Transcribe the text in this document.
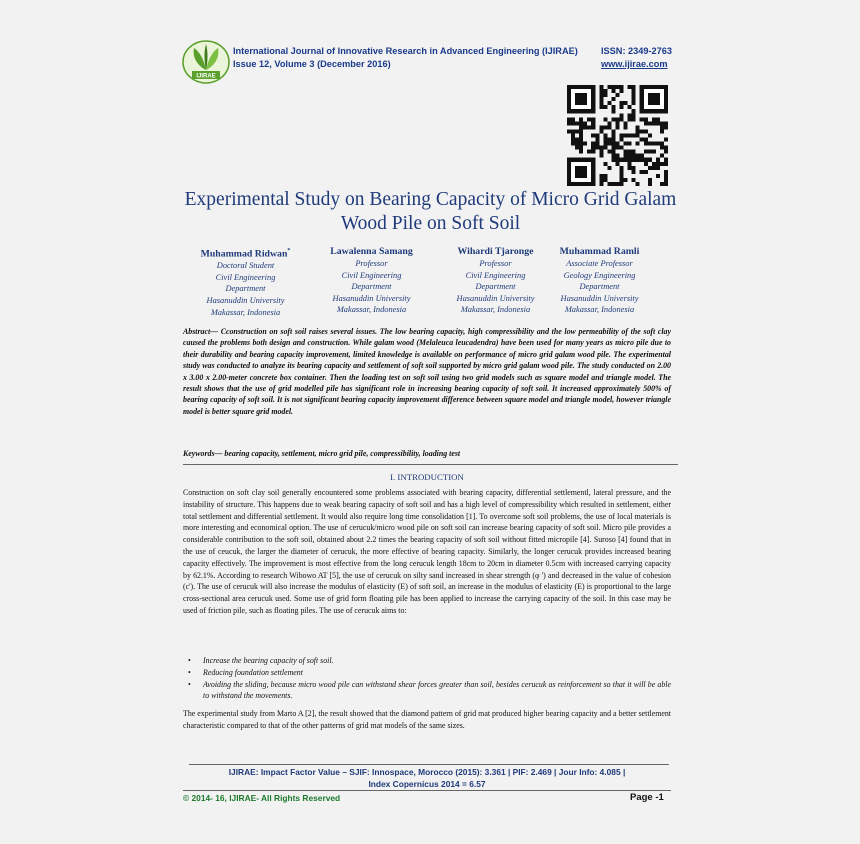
IJIRAE
International Journal of Innovative Research in Advanced Engineering (IJIRAE)	ISSN: 2349-2763
Issue 12, Volume 3 (December 2016)	www.ijirae.com
Experimental Study on Bearing Capacity of Micro Grid Galam Wood Pile on Soft Soil
Muhammad Ridwan*
Doctoral Student
Civil Engineering
Department
Hasanuddin University
Makassar, Indonesia
Lawalenna Samang
Professor
Civil Engineering
Department
Hasanuddin University
Makassar, Indonesia
Wihardi Tjaronge
Professor
Civil Engineering
Department
Hasanuddin University
Makassar, Indonesia
Muhammad Ramli
Associate Professor
Geology Engineering
Department
Hasanuddin University
Makassar, Indonesia
Abstract— Cconstruction on soft soil raises several issues. The low bearing capacity, high compressibility and the low permeability of the soft clay caused the problems both design and construction. While galam wood (Melaleuca leucadendra) have been used for many years as micro pile due to their durability and bearing capacity improvement, limited knowledge is available on performance of micro grid galam wood pile. The experimental study was conducted to analyze its bearing capacity and settlement of soft soil supported by micro grid galam wood pile. The study conducted on 2.00 x 3.00 x 2.00-meter concrete box container. Then the loading test on soft soil using two grid models such as square model and triangle model. The result shows that the use of grid modelled pile has significant role in increasing bearing capacity of soft soil. It increased approximately 500% of bearing capacity of soft soil. It is not significant bearing capacity improvement difference between square model and triangle model, however triangle model is better square grid model.
Keywords— bearing capacity, settlement, micro grid pile, compressibility, loading test
I. INTRODUCTION
Construction on soft clay soil generally encountered some problems associated with bearing capacity, differential settlementl, lateral pressure, and the instability of structure. This happens due to weak bearing capacity of soft soil and has a high level of compressibility which resulted in settlement, either total settlement and differential settlement. It would also require long time consolidation [1]. To overcome soft soil problems, the use of local materials is more interesting and economical option. The use of cerucuk/micro wood pile on soft soil can increase bearing capacity of soft soil. Micro pile provides a considerable contribution to the soft soil, obtained about 2.2 times the bearing capacity of soft soil without fitted micropile [4]. Suroso [4] found that in the use of ceucuk, the larger the diameter of cerucuk, the more effective of bearing capacity. Similarly, the longer cerucuk provides increased bearing capacity effectively. The improvement is most effective from the long cerucuk length 18cm to 20cm in diameter 0.5cm with increased carrying capacity by 62.1%. According to research Wibowo AT [5], the use of cerucuk on silty sand increased in shear strength (φ ') and decreased in the value of cohesion (c'). The use of cerucuk will also increase the modulus of elasticity (E) of soft soil, an increase in the modulus of elasticity (E) is proportional to the large cross-sectional area cerucuk used. Some use of grid form floating pile has been applied to increase the carrying capacity of the soil. In this case may be used of friction pile, such as floating piles. The use of cerucuk aims to:
• Increase the bearing capacity of soft soil.
• Reducing foundation settlement
• Avoiding the sliding, because micro wood pile can withstand shear forces greater than soil, besides cerucuk as reinforcement so that it will be able to withstand the movements.
The experimental study from Marto A [2], the result showed that the diamond pattern of grid mat produced higher bearing capacity and a better settlement characteristic compared to that of the other patterns of grid mat models of the same sizes.
IJIRAE: Impact Factor Value – SJIF: Innospace, Morocco (2015): 3.361 | PIF: 2.469 | Jour Info: 4.085 |
Index Copernicus 2014 = 6.57
© 2014- 16, IJIRAE- All Rights Reserved	Page -1
